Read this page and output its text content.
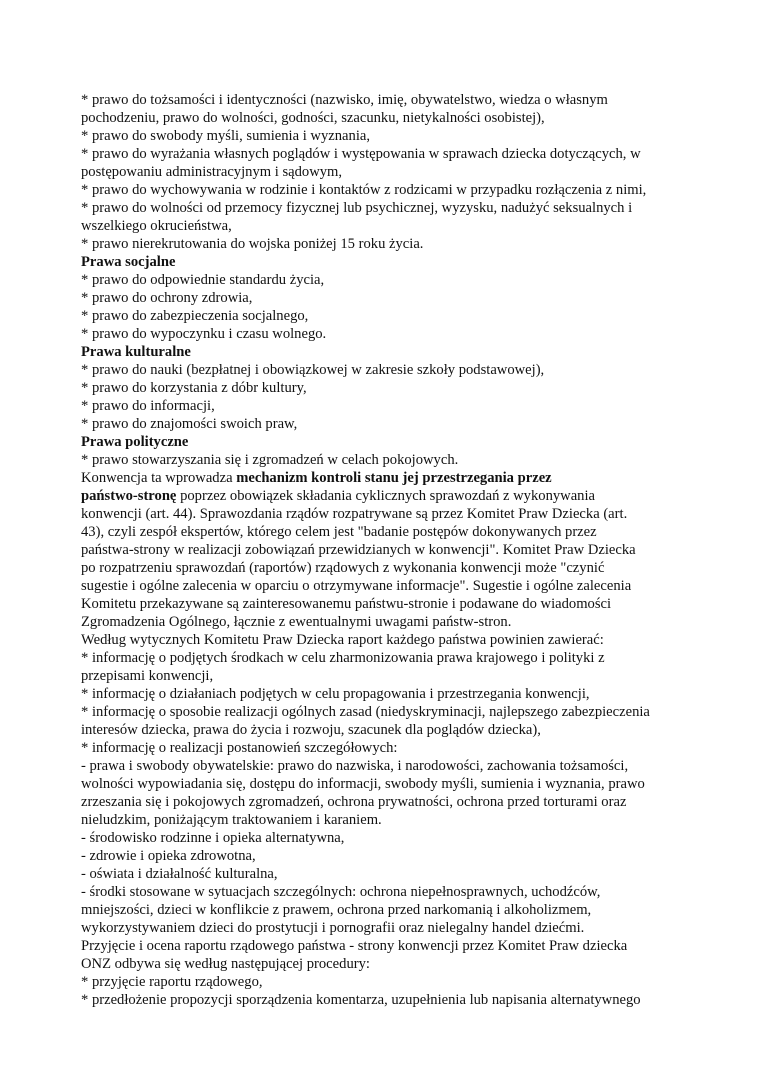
* prawo do tożsamości i identyczności (nazwisko, imię, obywatelstwo, wiedza o własnym
pochodzeniu, prawo do wolności, godności, szacunku, nietykalności osobistej),
* prawo do swobody myśli, sumienia i wyznania,
* prawo do wyrażania własnych poglądów i występowania w sprawach dziecka dotyczących, w
postępowaniu administracyjnym i sądowym,
* prawo do wychowywania w rodzinie i kontaktów z rodzicami w przypadku rozłączenia z nimi,
* prawo do wolności od przemocy fizycznej lub psychicznej, wyzysku, nadużyć seksualnych i
wszelkiego okrucieństwa,
* prawo nierekrutowania do wojska poniżej 15 roku życia.
Prawa socjalne
* prawo do odpowiednie standardu życia,
* prawo do ochrony zdrowia,
* prawo do zabezpieczenia socjalnego,
* prawo do wypoczynku i czasu wolnego.
Prawa kulturalne
* prawo do nauki (bezpłatnej i obowiązkowej w zakresie szkoły podstawowej),
* prawo do korzystania z dóbr kultury,
* prawo do informacji,
* prawo do znajomości swoich praw,
Prawa polityczne
* prawo stowarzyszania się i zgromadzeń w celach pokojowych.
Konwencja ta wprowadza mechanizm kontroli stanu jej przestrzegania przez
państwo-stronę poprzez obowiązek składania cyklicznych sprawozdań z wykonywania
konwencji (art. 44). Sprawozdania rządów rozpatrywane są przez Komitet Praw Dziecka (art.
43), czyli zespół ekspertów, którego celem jest "badanie postępów dokonywanych przez
państwa-strony w realizacji zobowiązań przewidzianych w konwencji". Komitet Praw Dziecka
po rozpatrzeniu sprawozdań (raportów) rządowych z wykonania konwencji może "czynić
sugestie i ogólne zalecenia w oparciu o otrzymywane informacje". Sugestie i ogólne zalecenia
Komitetu przekazywane są zainteresowanemu państwu-stronie i podawane do wiadomości
Zgromadzenia Ogólnego, łącznie z ewentualnymi uwagami państw-stron.
Według wytycznych Komitetu Praw Dziecka raport każdego państwa powinien zawierać:
* informację o podjętych środkach w celu zharmonizowania prawa krajowego i polityki z
przepisami konwencji,
* informację o działaniach podjętych w celu propagowania i przestrzegania konwencji,
* informację o sposobie realizacji ogólnych zasad (niedyskryminacji, najlepszego zabezpieczenia
interesów dziecka, prawa do życia i rozwoju, szacunek dla poglądów dziecka),
* informację o realizacji postanowień szczegółowych:
- prawa i swobody obywatelskie: prawo do nazwiska, i narodowości, zachowania tożsamości,
wolności wypowiadania się, dostępu do informacji, swobody myśli, sumienia i wyznania, prawo
zrzeszania się i pokojowych zgromadzeń, ochrona prywatności, ochrona przed torturami oraz
nieludzkim, poniżającym traktowaniem i karaniem.
- środowisko rodzinne i opieka alternatywna,
- zdrowie i opieka zdrowotna,
- oświata i działalność kulturalna,
- środki stosowane w sytuacjach szczególnych: ochrona niepełnosprawnych, uchodźców,
mniejszości, dzieci w konflikcie z prawem, ochrona przed narkomanią i alkoholizmem,
wykorzystywaniem dzieci do prostytucji i pornografii oraz nielegalny handel dziećmi.
Przyjęcie i ocena raportu rządowego państwa - strony konwencji przez Komitet Praw dziecka
ONZ odbywa się według następującej procedury:
* przyjęcie raportu rządowego,
* przedłożenie propozycji sporządzenia komentarza, uzupełnienia lub napisania alternatywnego
